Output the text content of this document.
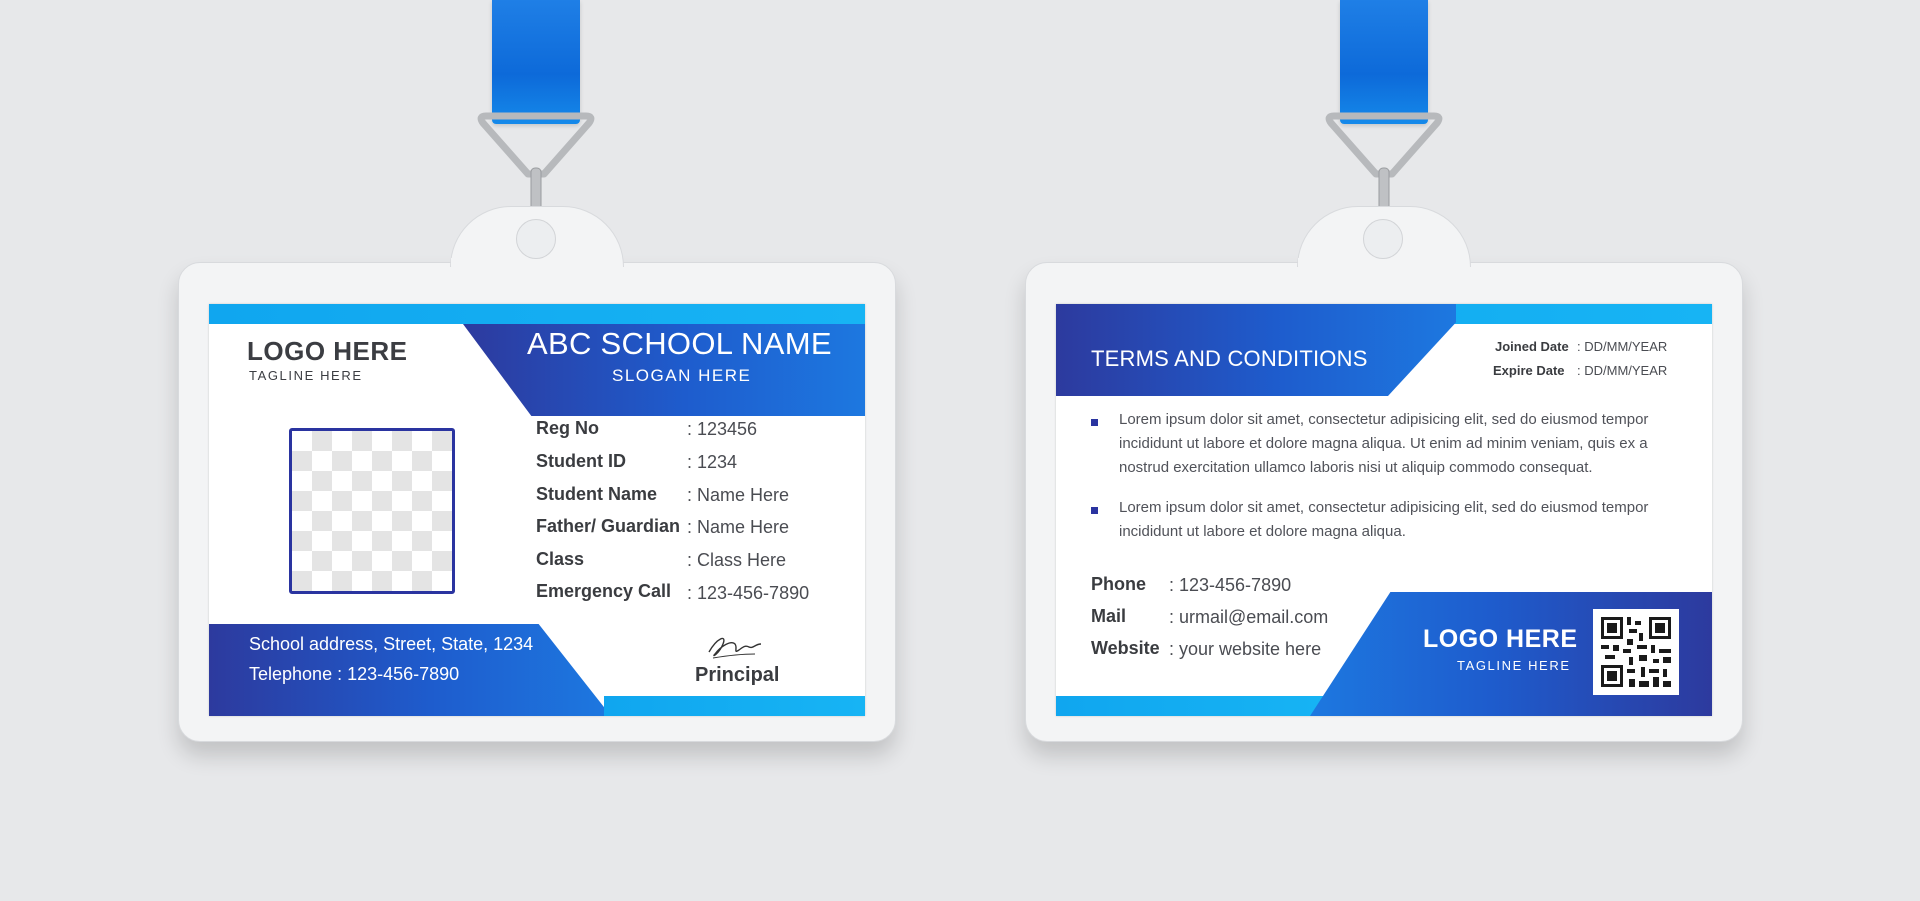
LOGO HERE
TAGLINE HERE
ABC SCHOOL NAME
SLOGAN HERE
Reg No	: 123456
Student ID	: 1234
Student Name : Name Here
Father/ Guardian : Name Here
Class	: Class Here
Emergency Call : 123-456-7890
School address, Street, State, 1234
Telephone : 123-456-7890	Principal
TERMS AND CONDITIONS	Joined Date : DD/MM/YEAR
Expire Date : DD/MM/YEAR
Lorem ipsum dolor sit amet, consectetur adipisicing elit, sed do eiusmod tempor incididunt ut labore et dolore magna aliqua. Ut enim ad minim veniam, quis ex a nostrud exercitation ullamco laboris nisi ut aliquip commodo consequat.
Lorem ipsum dolor sit amet, consectetur adipisicing elit, sed do eiusmod tempor incididunt ut labore et dolore magna aliqua.
Phone : 123-456-7890
Mail : urmail@email.com
Website : your website here	LOGO HERE
TAGLINE HERE
